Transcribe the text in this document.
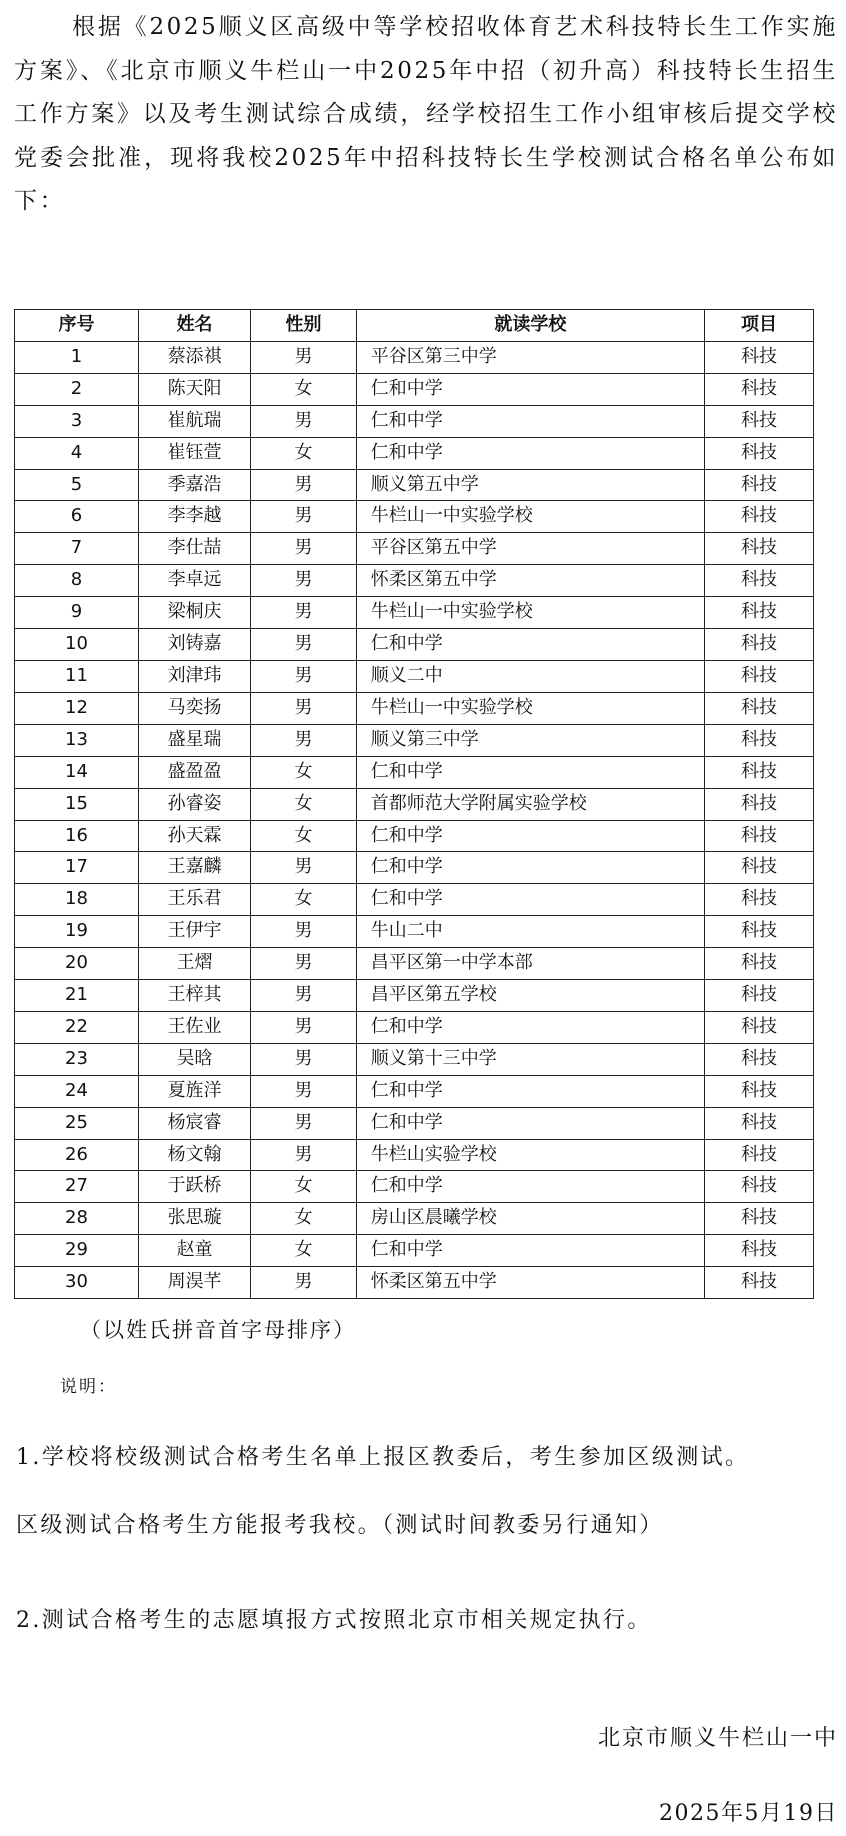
根据《2025顺义区高级中等学校招收体育艺术科技特长生工作实施方案》、《北京市顺义牛栏山一中2025年中招（初升高）科技特长生招生工作方案》以及考生测试综合成绩，经学校招生工作小组审核后提交学校党委会批准，现将我校2025年中招科技特长生学校测试合格名单公布如下：

序号	姓名	性别	就读学校	项目
1	蔡添祺	男	平谷区第三中学	科技
2	陈天阳	女	仁和中学	科技
3	崔航瑞	男	仁和中学	科技
4	崔钰萱	女	仁和中学	科技
5	季嘉浩	男	顺义第五中学	科技
6	李李越	男	牛栏山一中实验学校	科技
7	李仕喆	男	平谷区第五中学	科技
8	李卓远	男	怀柔区第五中学	科技
9	梁桐庆	男	牛栏山一中实验学校	科技
10	刘铸嘉	男	仁和中学	科技
11	刘津玮	男	顺义二中	科技
12	马奕扬	男	牛栏山一中实验学校	科技
13	盛星瑞	男	顺义第三中学	科技
14	盛盈盈	女	仁和中学	科技
15	孙睿姿	女	首都师范大学附属实验学校	科技
16	孙天霖	女	仁和中学	科技
17	王嘉麟	男	仁和中学	科技
18	王乐君	女	仁和中学	科技
19	王伊宇	男	牛山二中	科技
20	王熠	男	昌平区第一中学本部	科技
21	王梓其	男	昌平区第五学校	科技
22	王佐业	男	仁和中学	科技
23	吴晗	男	顺义第十三中学	科技
24	夏旌洋	男	仁和中学	科技
25	杨宸睿	男	仁和中学	科技
26	杨文翰	男	牛栏山实验学校	科技
27	于跃桥	女	仁和中学	科技
28	张思璇	女	房山区晨曦学校	科技
29	赵童	女	仁和中学	科技
30	周淏芊	男	怀柔区第五中学	科技
（以姓氏拼音首字母排序）
说明：
1.学校将校级测试合格考生名单上报区教委后，考生参加区级测试。
区级测试合格考生方能报考我校。（测试时间教委另行通知）
2.测试合格考生的志愿填报方式按照北京市相关规定执行。
北京市顺义牛栏山一中
2025年5月19日
